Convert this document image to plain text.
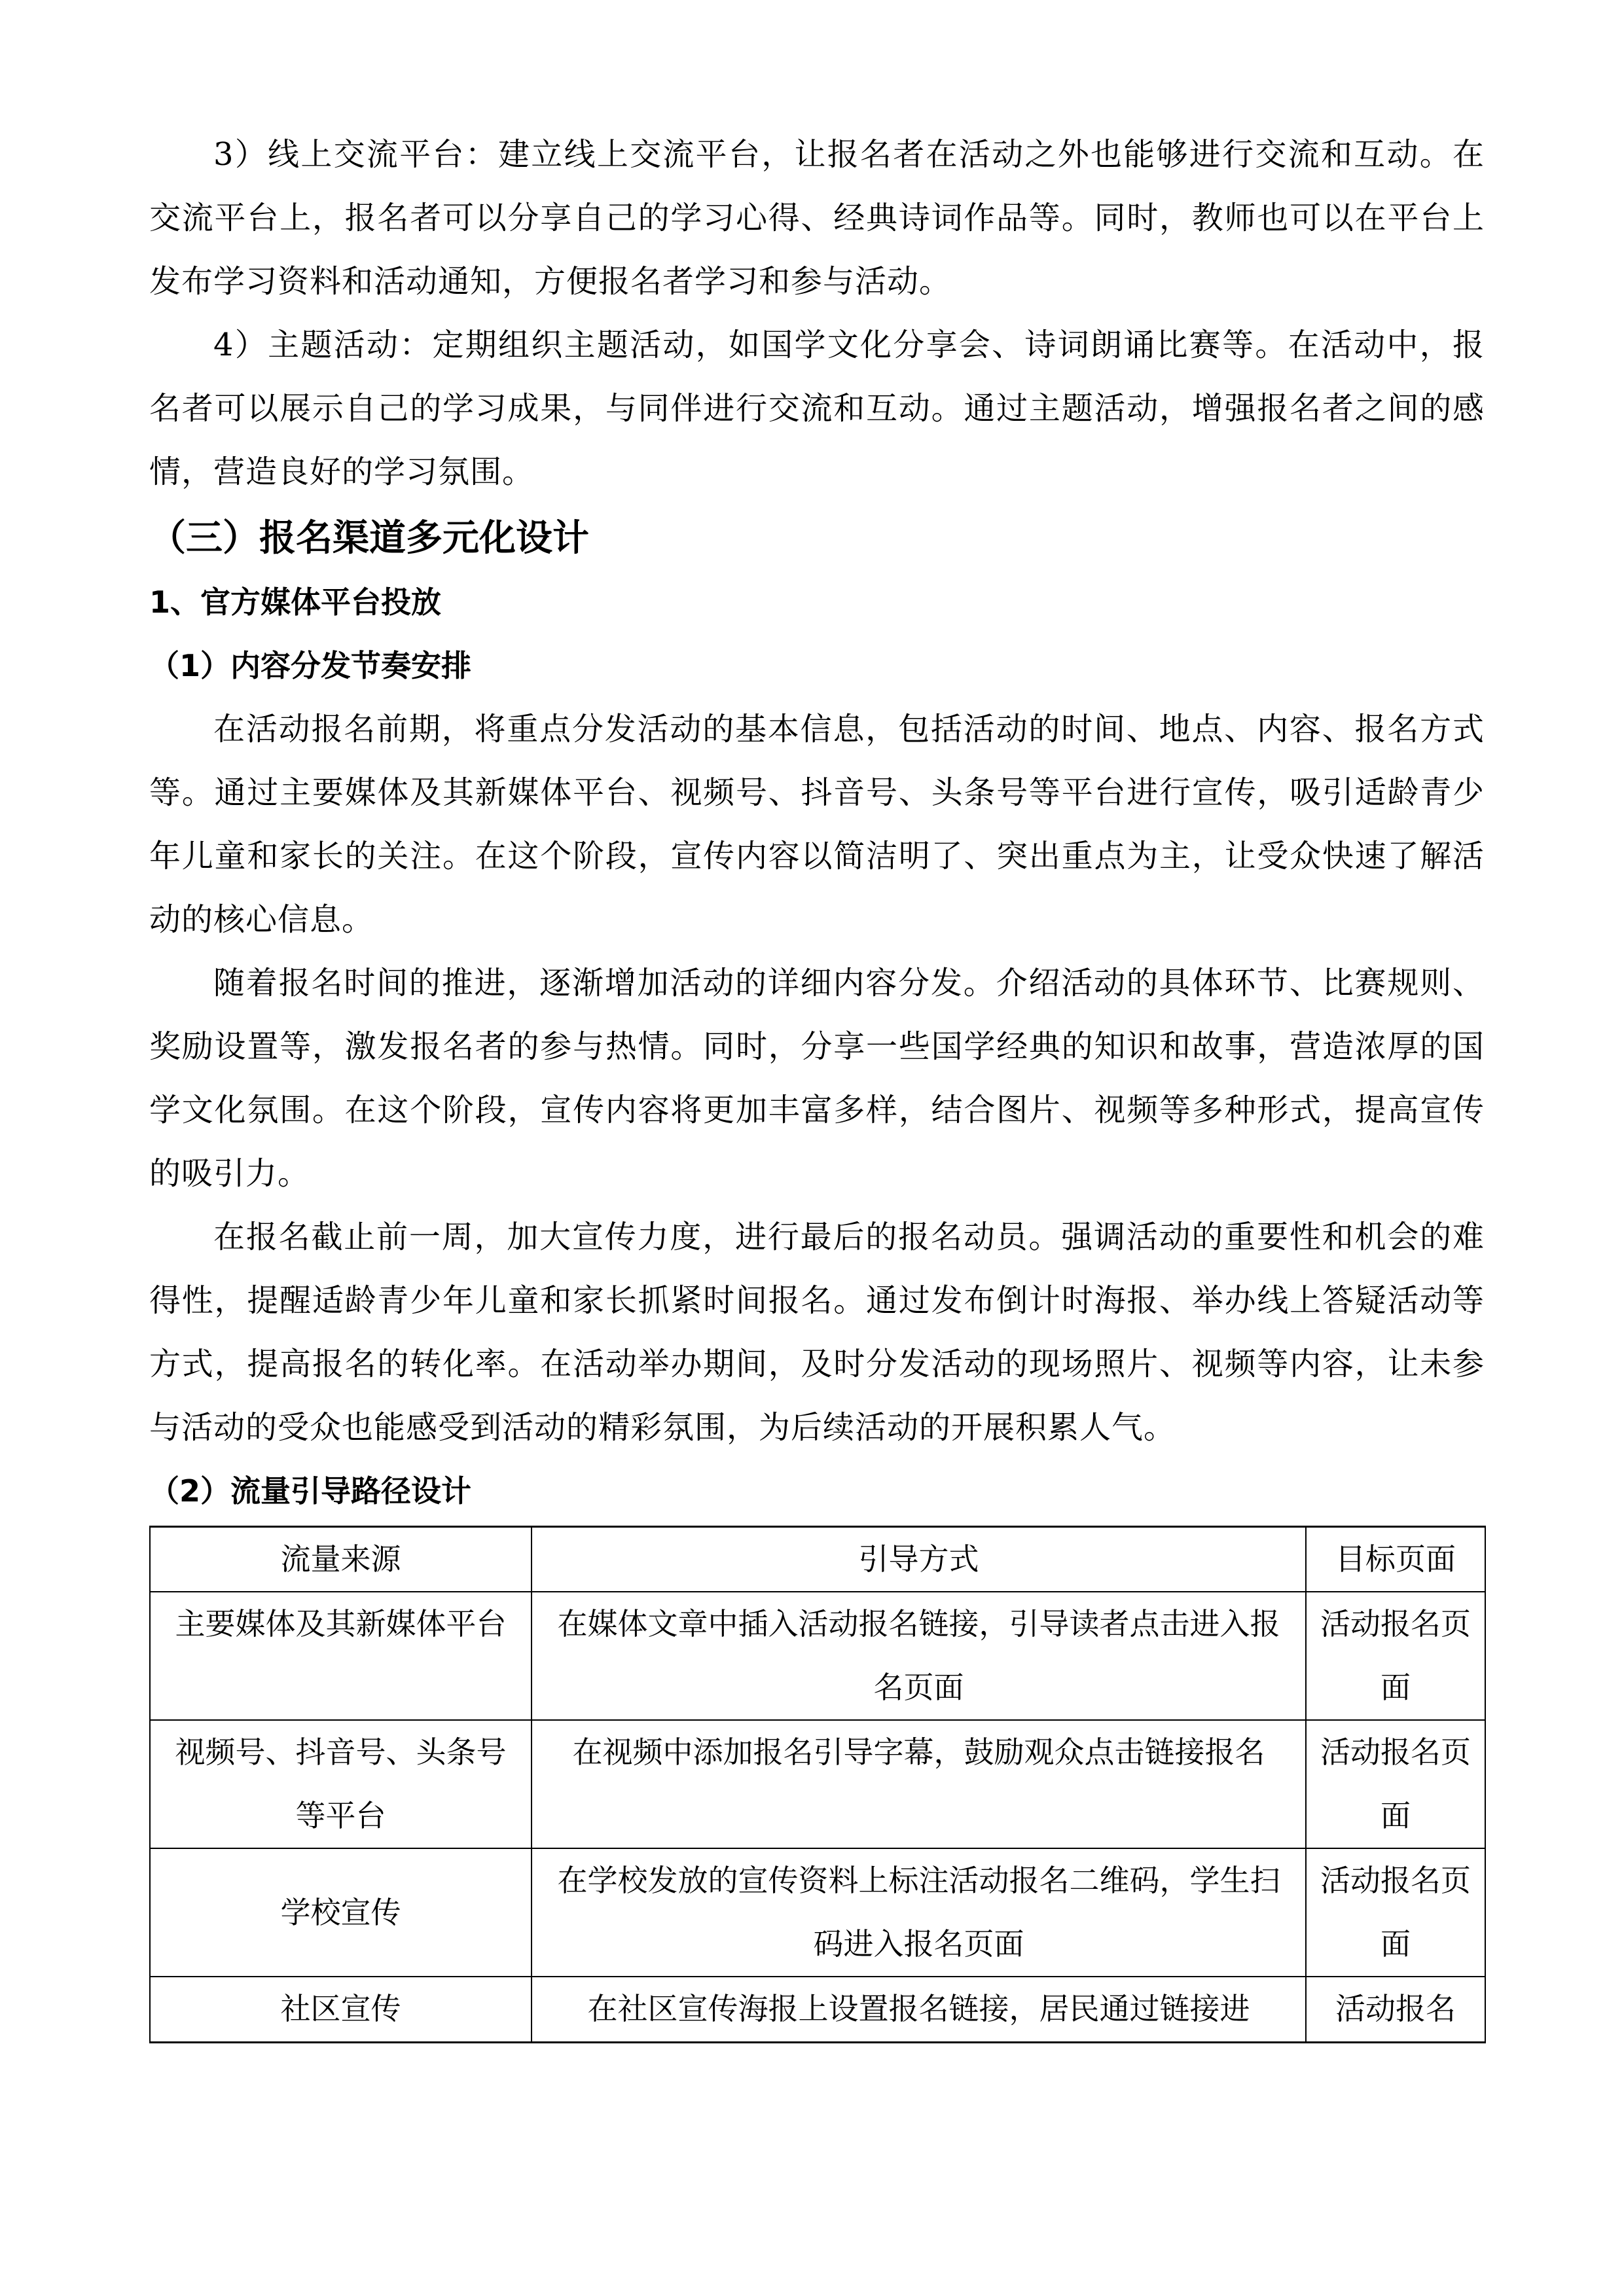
3）线上交流平台：建立线上交流平台，让报名者在活动之外也能够进行交流和互动。在交流平台上，报名者可以分享自己的学习心得、经典诗词作品等。同时，教师也可以在平台上发布学习资料和活动通知，方便报名者学习和参与活动。

4）主题活动：定期组织主题活动，如国学文化分享会、诗词朗诵比赛等。在活动中，报名者可以展示自己的学习成果，与同伴进行交流和互动。通过主题活动，增强报名者之间的感情，营造良好的学习氛围。

（三）报名渠道多元化设计
1、官方媒体平台投放
（1）内容分发节奏安排

在活动报名前期，将重点分发活动的基本信息，包括活动的时间、地点、内容、报名方式等。通过主要媒体及其新媒体平台、视频号、抖音号、头条号等平台进行宣传，吸引适龄青少年儿童和家长的关注。在这个阶段，宣传内容以简洁明了、突出重点为主，让受众快速了解活动的核心信息。

随着报名时间的推进，逐渐增加活动的详细内容分发。介绍活动的具体环节、比赛规则、奖励设置等，激发报名者的参与热情。同时，分享一些国学经典的知识和故事，营造浓厚的国学文化氛围。在这个阶段，宣传内容将更加丰富多样，结合图片、视频等多种形式，提高宣传的吸引力。

在报名截止前一周，加大宣传力度，进行最后的报名动员。强调活动的重要性和机会的难得性，提醒适龄青少年儿童和家长抓紧时间报名。通过发布倒计时海报、举办线上答疑活动等方式，提高报名的转化率。在活动举办期间，及时分发活动的现场照片、视频等内容，让未参与活动的受众也能感受到活动的精彩氛围，为后续活动的开展积累人气。

（2）流量引导路径设计
流量来源	引导方式	目标页面
主要媒体及其新媒体平台	在媒体文章中插入活动报名链接，引导读者点击进入报名页面	活动报名页面
视频号、抖音号、头条号等平台	在视频中添加报名引导字幕，鼓励观众点击链接报名	活动报名页面
学校宣传	在学校发放的宣传资料上标注活动报名二维码，学生扫码进入报名页面	活动报名页面
社区宣传	在社区宣传海报上设置报名链接，居民通过链接进	活动报名
